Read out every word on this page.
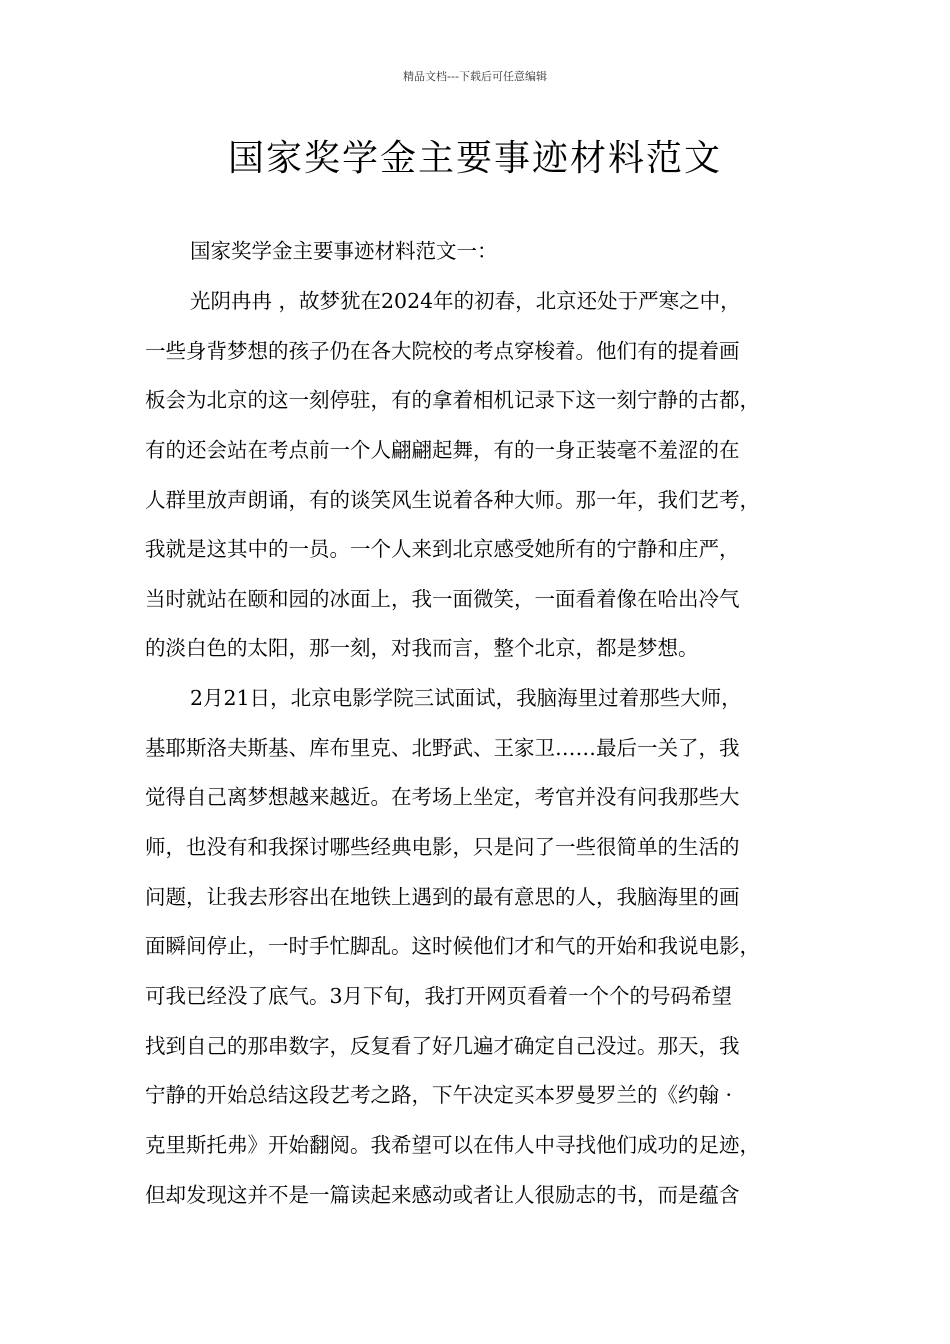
精品文档---下载后可任意编辑
国家奖学金主要事迹材料范文
国家奖学金主要事迹材料范文一：
光阴冉冉 ，故梦犹在2024年的初春，北京还处于严寒之中，
一些身背梦想的孩子仍在各大院校的考点穿梭着。他们有的提着画
板会为北京的这一刻停驻，有的拿着相机记录下这一刻宁静的古都，
有的还会站在考点前一个人翩翩起舞，有的一身正装毫不羞涩的在
人群里放声朗诵，有的谈笑风生说着各种大师。那一年，我们艺考，
我就是这其中的一员。一个人来到北京感受她所有的宁静和庄严，
当时就站在颐和园的冰面上，我一面微笑，一面看着像在哈出冷气
的淡白色的太阳，那一刻，对我而言，整个北京，都是梦想。
2月21日，北京电影学院三试面试，我脑海里过着那些大师，
基耶斯洛夫斯基、库布里克、北野武、王家卫……最后一关了，我
觉得自己离梦想越来越近。在考场上坐定，考官并没有问我那些大
师，也没有和我探讨哪些经典电影，只是问了一些很简单的生活的
问题，让我去形容出在地铁上遇到的最有意思的人，我脑海里的画
面瞬间停止，一时手忙脚乱。这时候他们才和气的开始和我说电影，
可我已经没了底气。3月下旬，我打开网页看着一个个的号码希望
找到自己的那串数字，反复看了好几遍才确定自己没过。那天，我
宁静的开始总结这段艺考之路，下午决定买本罗曼罗兰的《约翰 ·
克里斯托弗》开始翻阅。我希望可以在伟人中寻找他们成功的足迹，
但却发现这并不是一篇读起来感动或者让人很励志的书，而是蕴含
